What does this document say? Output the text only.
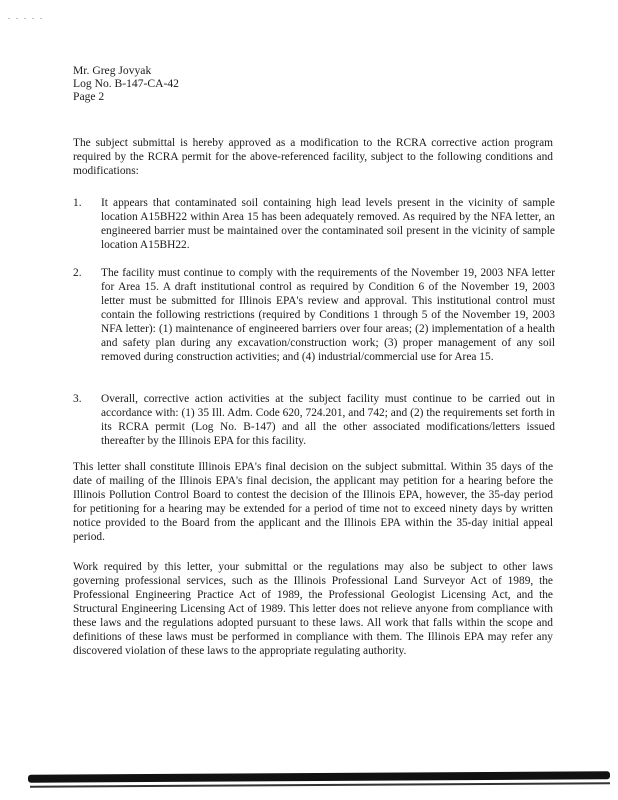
. . . . .
Mr. Greg Jovyak
Log No. B-147-CA-42
Page 2
The subject submittal is hereby approved as a modification to the RCRA corrective action program required by the RCRA permit for the above-referenced facility, subject to the following conditions and modifications:
1.	It appears that contaminated soil containing high lead levels present in the vicinity of sample location A15BH22 within Area 15 has been adequately removed. As required by the NFA letter, an engineered barrier must be maintained over the contaminated soil present in the vicinity of sample location A15BH22.
2.	The facility must continue to comply with the requirements of the November 19, 2003 NFA letter for Area 15. A draft institutional control as required by Condition 6 of the November 19, 2003 letter must be submitted for Illinois EPA's review and approval. This institutional control must contain the following restrictions (required by Conditions 1 through 5 of the November 19, 2003 NFA letter): (1) maintenance of engineered barriers over four areas; (2) implementation of a health and safety plan during any excavation/construction work; (3) proper management of any soil removed during construction activities; and (4) industrial/commercial use for Area 15.
3.	Overall, corrective action activities at the subject facility must continue to be carried out in accordance with: (1) 35 Ill. Adm. Code 620, 724.201, and 742; and (2) the requirements set forth in its RCRA permit (Log No. B-147) and all the other associated modifications/letters issued thereafter by the Illinois EPA for this facility.
This letter shall constitute Illinois EPA's final decision on the subject submittal. Within 35 days of the date of mailing of the Illinois EPA's final decision, the applicant may petition for a hearing before the Illinois Pollution Control Board to contest the decision of the Illinois EPA, however, the 35-day period for petitioning for a hearing may be extended for a period of time not to exceed ninety days by written notice provided to the Board from the applicant and the Illinois EPA within the 35-day initial appeal period.
Work required by this letter, your submittal or the regulations may also be subject to other laws governing professional services, such as the Illinois Professional Land Surveyor Act of 1989, the Professional Engineering Practice Act of 1989, the Professional Geologist Licensing Act, and the Structural Engineering Licensing Act of 1989. This letter does not relieve anyone from compliance with these laws and the regulations adopted pursuant to these laws. All work that falls within the scope and definitions of these laws must be performed in compliance with them. The Illinois EPA may refer any discovered violation of these laws to the appropriate regulating authority.
